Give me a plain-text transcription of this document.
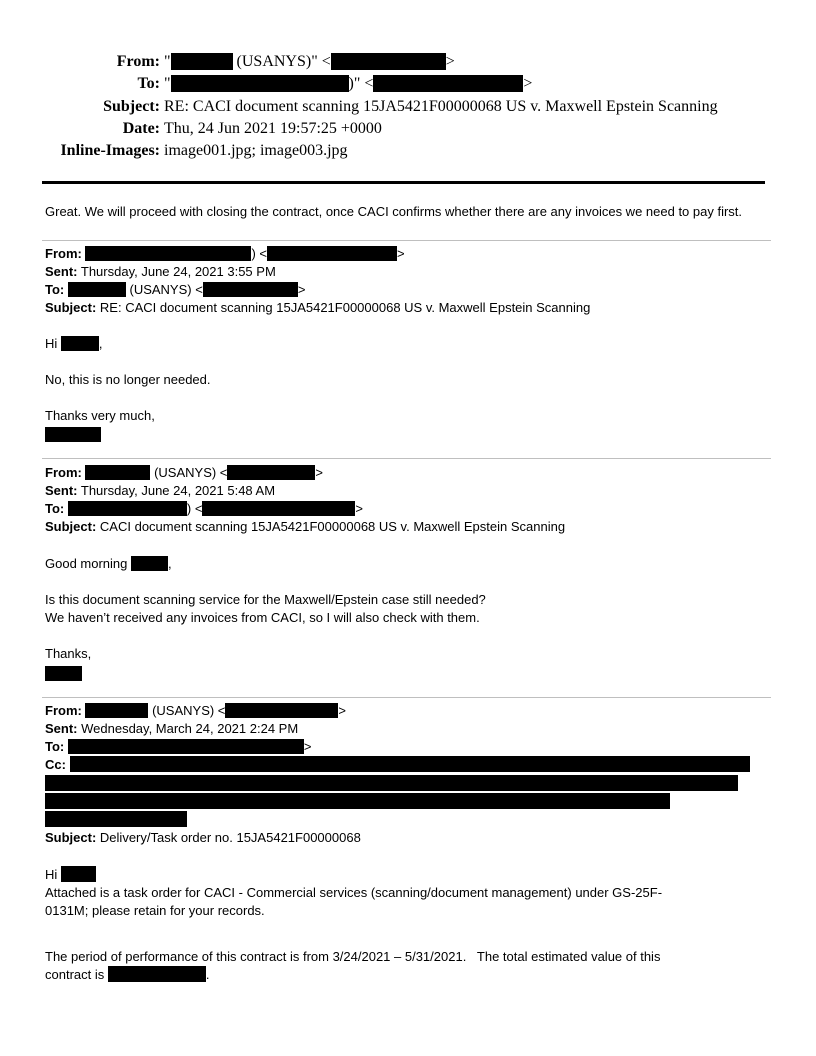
From: "	(USANYS)" <	>
To: "	)" <	>
Subject: RE: CACI document scanning 15JA5421F00000068 US v. Maxwell Epstein Scanning
Date: Thu, 24 Jun 2021 19:57:25 +0000
Inline-Images: image001.jpg; image003.jpg
Great. We will proceed with closing the contract, once CACI confirms whether there are any invoices we need to pay first.
From:	) <	>
Sent: Thursday, June 24, 2021 3:55 PM
To:	(USANYS) <	>
Subject: RE: CACI document scanning 15JA5421F00000068 US v. Maxwell Epstein Scanning
Hi	,
No, this is no longer needed.
Thanks very much,
From:	(USANYS) <	>
Sent: Thursday, June 24, 2021 5:48 AM
To:	) <	>
Subject: CACI document scanning 15JA5421F00000068 US v. Maxwell Epstein Scanning
Good morning	,
Is this document scanning service for the Maxwell/Epstein case still needed?
We haven’t received any invoices from CACI, so I will also check with them.
Thanks,
From:	(USANYS) <	>
Sent: Wednesday, March 24, 2021 2:24 PM
To:	>
Cc:
Subject: Delivery/Task order no. 15JA5421F00000068
Hi
Attached is a task order for CACI - Commercial services (scanning/document management) under GS-25F-
0131M; please retain for your records.
The period of performance of this contract is from 3/24/2021 – 5/31/2021.   The total estimated value of this
contract is	.
